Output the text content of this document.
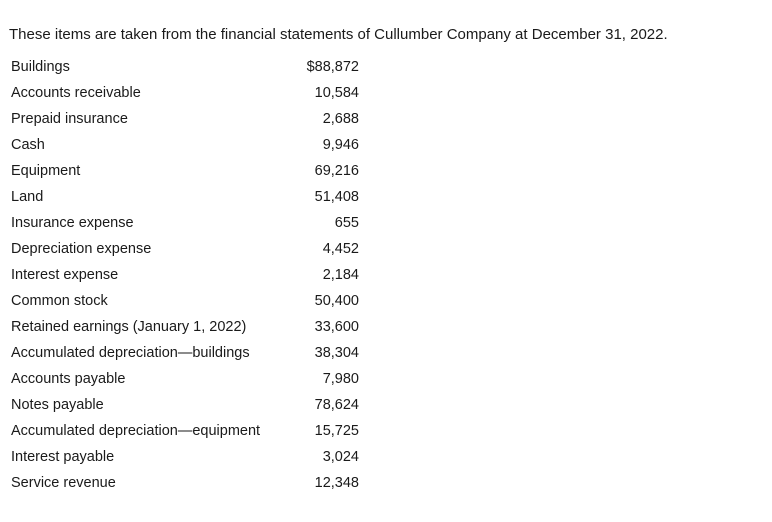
These items are taken from the financial statements of Cullumber Company at December 31, 2022.

Buildings	$88,872
Accounts receivable	10,584
Prepaid insurance	2,688
Cash	9,946
Equipment	69,216
Land	51,408
Insurance expense	655
Depreciation expense	4,452
Interest expense	2,184
Common stock	50,400
Retained earnings (January 1, 2022)	33,600
Accumulated depreciation—buildings	38,304
Accounts payable	7,980
Notes payable	78,624
Accumulated depreciation—equipment	15,725
Interest payable	3,024
Service revenue	12,348
